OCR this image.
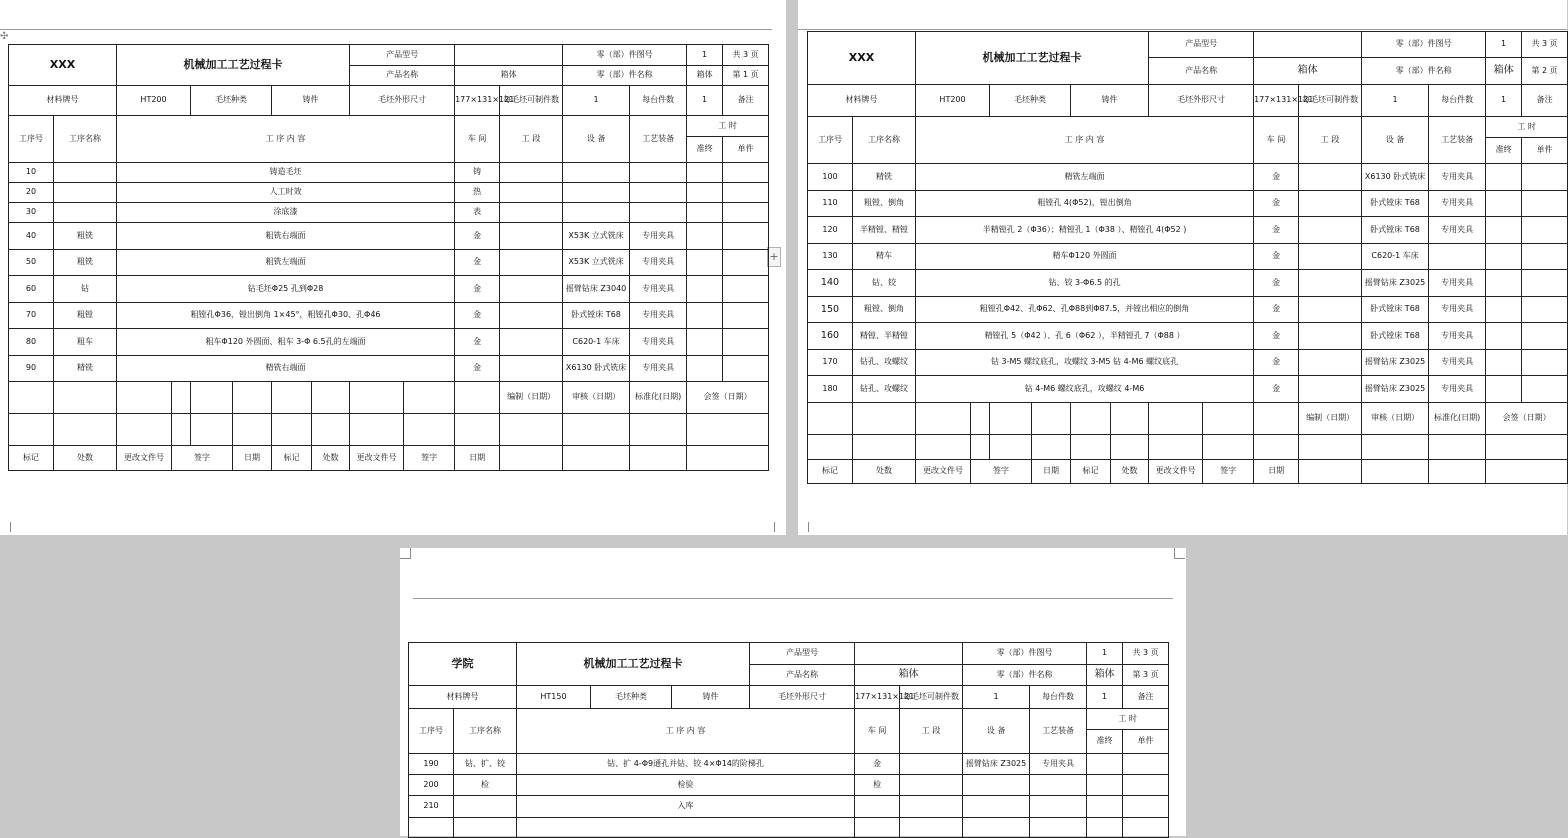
✣
+
XXX		机械加工工艺过程卡						产品型号				零（部）件图号		1	共 3 页
								产品名称		箱体		零（部）件名称		箱体	第 1 页
材料牌号		HT200		毛坯种类		铸件		毛坯外形尺寸		177×131×121	每毛坯可制件数	1	每台件数	1	备注
工序号	工序名称	工 序 内 容								车 间	工 段	设 备	工艺装备	工 时	
														准终	单件
10		铸造毛坯								铸					
20		人工时效								热					
30		涂底漆								表					
40	粗铣	粗铣右端面								金		X53K 立式铣床	专用夹具		
50	粗铣	粗铣左端面								金		X53K 立式铣床	专用夹具		
60	钻	钻毛坯Φ25 孔到Φ28								金		摇臂钻床 Z3040	专用夹具		
70	粗镗	粗镗孔Φ36，镗出倒角 1×45°，粗镗孔Φ30、孔Φ46								金		卧式镗床 T68	专用夹具		
80	粗车	粗车Φ120 外圆面、粗车 3-Φ 6.5孔的左端面								金		C620-1 车床	专用夹具		
90	精铣	精铣右端面								金		X6130 卧式铣床	专用夹具		
											编制（日期）	审核（日期）	标准化(日期)	会签（日期）	

标记	处数	更改文件号	签字		日期	标记	处数	更改文件号	签字	日期					
XXX		机械加工工艺过程卡						产品型号				零（部）件图号		1	共 3 页
								产品名称		箱体		零（部）件名称		箱体	第 2 页
材料牌号		HT200		毛坯种类		铸件		毛坯外形尺寸		177×131×121	每毛坯可制件数	1	每台件数	1	备注
工序号	工序名称	工 序 内 容								车 间	工 段	设 备	工艺装备	工 时	
														准终	单件
100	精铣	精铣左端面								金		X6130 卧式铣床	专用夹具		
110	粗镗、倒角	粗镗孔 4(Φ52)，镗出倒角								金		卧式镗床 T68	专用夹具		
120	半精镗、精镗	半精镗孔 2（Φ36）；精镗孔 1（Φ38 ）、精镗孔 4(Φ52 )								金		卧式镗床 T68	专用夹具		
130	精车	精车Φ120 外圆面								金		C620-1 车床			
140	钻、铰	钻、铰 3-Φ6.5 的孔								金		摇臂钻床 Z3025	专用夹具		
150	粗镗、倒角	粗镗孔Φ42、孔Φ62、孔Φ88到Φ87.5，并镗出相应的倒角								金		卧式镗床 T68	专用夹具		
160	精镗、半精镗	精镗孔 5（Φ42 ）、孔 6（Φ62 ），半精镗孔 7（Φ88 ）								金		卧式镗床 T68	专用夹具		
170	钻孔、攻螺纹	钻 3-M5 螺纹底孔，攻螺纹 3-M5 钻 4-M6 螺纹底孔								金		摇臂钻床 Z3025	专用夹具		
180	钻孔、攻螺纹	钻 4-M6 螺纹底孔，攻螺纹 4-M6								金		摇臂钻床 Z3025	专用夹具		
											编制（日期）	审核（日期）	标准化(日期)	会签（日期）	

标记	处数	更改文件号	签字		日期	标记	处数	更改文件号	签字	日期					
学院		机械加工工艺过程卡			产品型号			零（部）件图号		1	共 3 页
					产品名称	箱体		零（部）件名称		箱体	第 3 页
材料牌号		HT150	毛坯种类	铸件	毛坯外形尺寸	177×131×121	每毛坯可制件数	1	每台件数	1	备注
工序号	工序名称	工 序 内 容				车 间	工 段	设 备	工艺装备	工 时	
										准终	单件
190	钻、扩、铰	钻、扩 4-Φ9通孔并钻、铰 4×Φ14的阶梯孔				金		摇臂钻床 Z3025	专用夹具		
200	检	检验				检					
210		入库									
